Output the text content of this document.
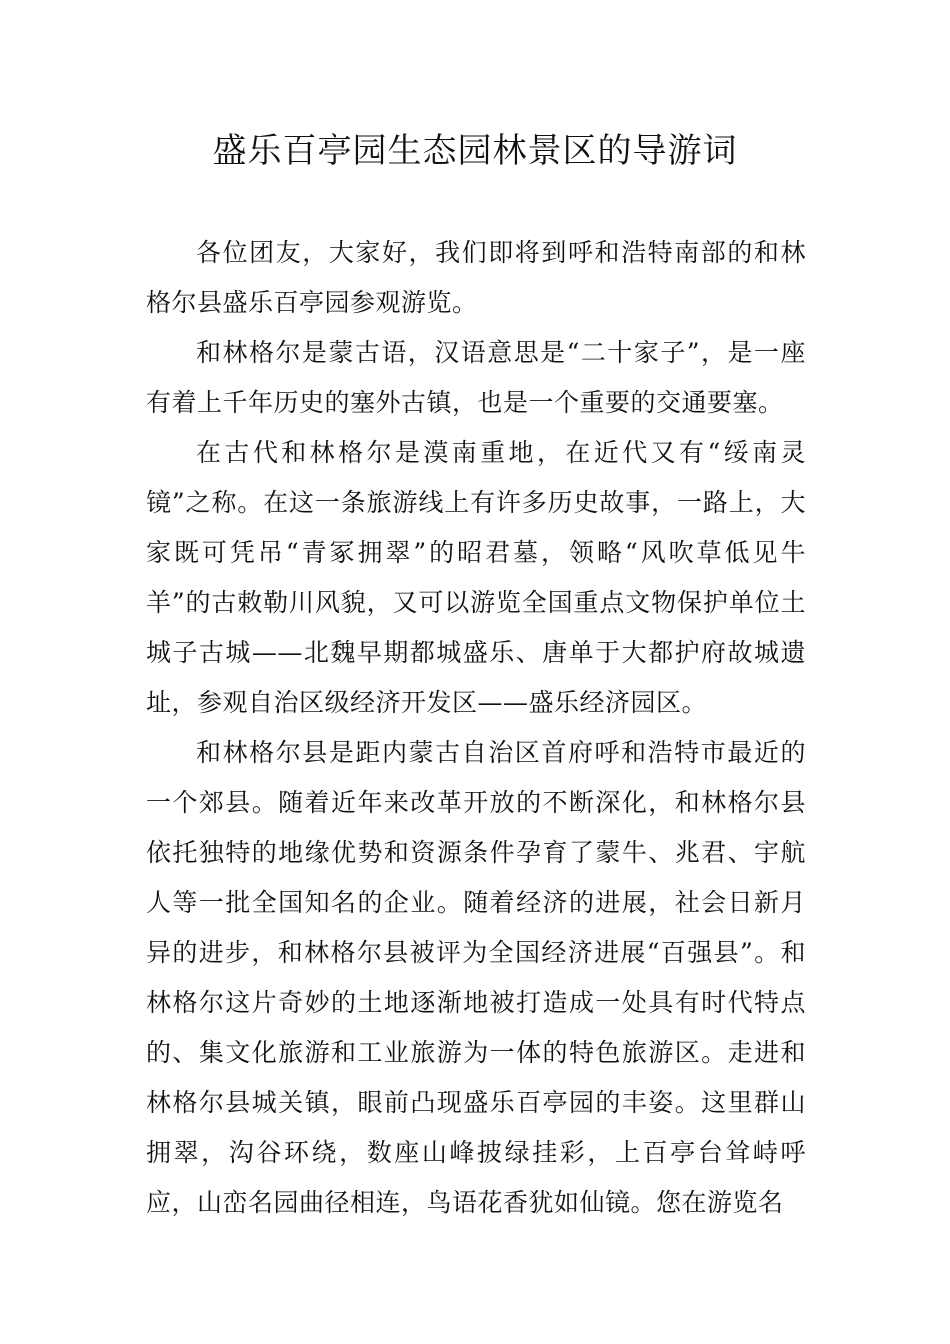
盛乐百亭园生态园林景区的导游词

各位团友，大家好，我们即将到呼和浩特南部的和林格尔县盛乐百亭园参观游览。

和林格尔是蒙古语，汉语意思是“二十家子”，是一座有着上千年历史的塞外古镇，也是一个重要的交通要塞。

在古代和林格尔是漠南重地，在近代又有“绥南灵镜”之称。在这一条旅游线上有许多历史故事，一路上，大家既可凭吊“青冢拥翠”的昭君墓，领略“风吹草低见牛羊”的古敕勒川风貌，又可以游览全国重点文物保护单位土城子古城——北魏早期都城盛乐、唐单于大都护府故城遗址，参观自治区级经济开发区——盛乐经济园区。

和林格尔县是距内蒙古自治区首府呼和浩特市最近的一个郊县。随着近年来改革开放的不断深化，和林格尔县依托独特的地缘优势和资源条件孕育了蒙牛、兆君、宇航人等一批全国知名的企业。随着经济的进展，社会日新月异的进步，和林格尔县被评为全国经济进展“百强县”。和林格尔这片奇妙的土地逐渐地被打造成一处具有时代特点的、集文化旅游和工业旅游为一体的特色旅游区。走进和林格尔县城关镇，眼前凸现盛乐百亭园的丰姿。这里群山拥翠，沟谷环绕，数座山峰披绿挂彩，上百亭台耸峙呼应，山峦名园曲径相连，鸟语花香犹如仙镜。您在游览名
